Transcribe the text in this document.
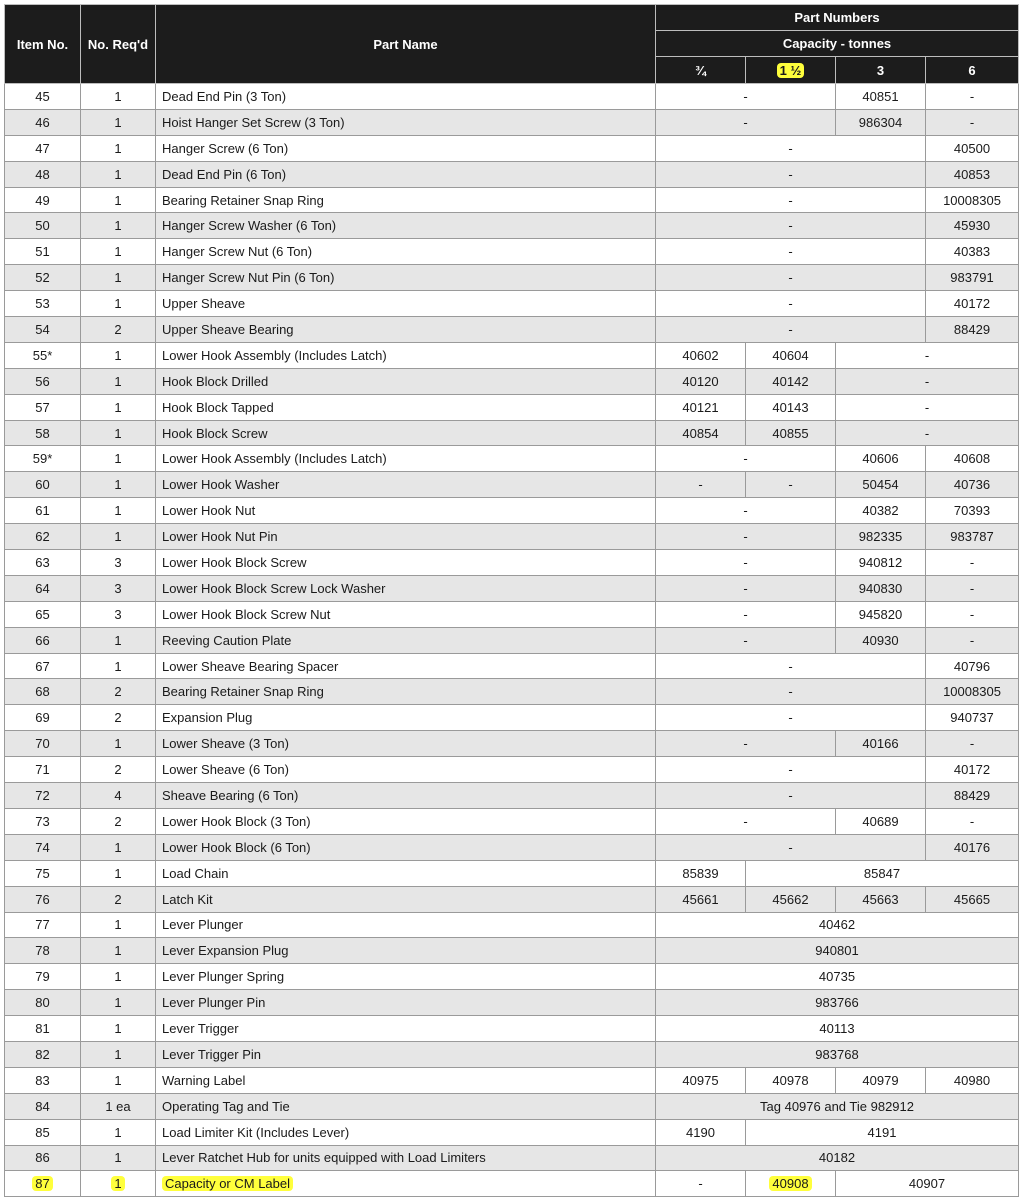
Item No.	No. Req'd	Part Name	Part Numbers			
			Capacity - tonnes			
			¾	1 ½	3	6
45	1	Dead End Pin (3 Ton)	-		40851	-
46	1	Hoist Hanger Set Screw (3 Ton)	-		986304	-
47	1	Hanger Screw (6 Ton)	-			40500
48	1	Dead End Pin (6 Ton)	-			40853
49	1	Bearing Retainer Snap Ring	-			10008305
50	1	Hanger Screw Washer (6 Ton)	-			45930
51	1	Hanger Screw Nut (6 Ton)	-			40383
52	1	Hanger Screw Nut Pin (6 Ton)	-			983791
53	1	Upper Sheave	-			40172
54	2	Upper Sheave Bearing	-			88429
55*	1	Lower Hook Assembly (Includes Latch)	40602	40604	-	
56	1	Hook Block Drilled	40120	40142	-	
57	1	Hook Block Tapped	40121	40143	-	
58	1	Hook Block Screw	40854	40855	-	
59*	1	Lower Hook Assembly (Includes Latch)	-		40606	40608
60	1	Lower Hook Washer	-	-	50454	40736
61	1	Lower Hook Nut	-		40382	70393
62	1	Lower Hook Nut Pin	-		982335	983787
63	3	Lower Hook Block Screw	-		940812	-
64	3	Lower Hook Block Screw Lock Washer	-		940830	-
65	3	Lower Hook Block Screw Nut	-		945820	-
66	1	Reeving Caution Plate	-		40930	-
67	1	Lower Sheave Bearing Spacer	-			40796
68	2	Bearing Retainer Snap Ring	-			10008305
69	2	Expansion Plug	-			940737
70	1	Lower Sheave (3 Ton)	-		40166	-
71	2	Lower Sheave (6 Ton)	-			40172
72	4	Sheave Bearing (6 Ton)	-			88429
73	2	Lower Hook Block (3 Ton)	-		40689	-
74	1	Lower Hook Block (6 Ton)	-			40176
75	1	Load Chain	85839	85847		
76	2	Latch Kit	45661	45662	45663	45665
77	1	Lever Plunger	40462			
78	1	Lever Expansion Plug	940801			
79	1	Lever Plunger Spring	40735			
80	1	Lever Plunger Pin	983766			
81	1	Lever Trigger	40113			
82	1	Lever Trigger Pin	983768			
83	1	Warning Label	40975	40978	40979	40980
84	1 ea	Operating Tag and Tie	Tag 40976 and Tie 982912			
85	1	Load Limiter Kit (Includes Lever)	4190	4191		
86	1	Lever Ratchet Hub for units equipped with Load Limiters	40182			
87	1	Capacity or CM Label	-	40908	40907	
